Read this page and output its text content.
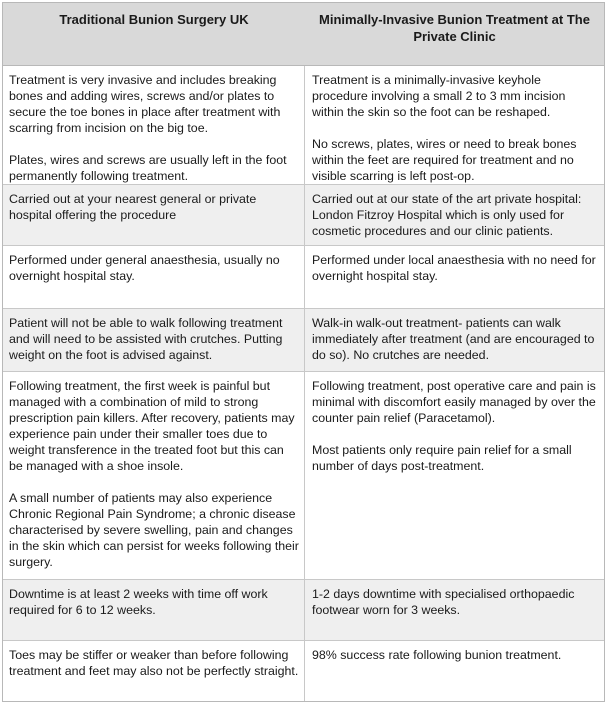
Traditional Bunion Surgery UK	Minimally-Invasive Bunion Treatment at The Private Clinic

Treatment is very invasive and includes breaking bones and adding wires, screws and/or plates to secure the toe bones in place after treatment with scarring from incision on the big toe.

Plates, wires and screws are usually left in the foot permanently following treatment.

Treatment is a minimally-invasive keyhole procedure involving a small 2 to 3 mm incision within the skin so the foot can be reshaped.

No screws, plates, wires or need to break bones within the feet are required for treatment and no visible scarring is left post-op.

Carried out at your nearest general or private hospital offering the procedure

Carried out at our state of the art private hospital: London Fitzroy Hospital which is only used for cosmetic procedures and our clinic patients.

Performed under general anaesthesia, usually no overnight hospital stay.

Performed under local anaesthesia with no need for overnight hospital stay.

Patient will not be able to walk following treatment and will need to be assisted with crutches. Putting weight on the foot is advised against.

Walk-in walk-out treatment- patients can walk immediately after treatment (and are encouraged to do so). No crutches are needed.

Following treatment, the first week is painful but managed with a combination of mild to strong prescription pain killers. After recovery, patients may experience pain under their smaller toes due to weight transference in the treated foot but this can be managed with a shoe insole.

A small number of patients may also experience Chronic Regional Pain Syndrome; a chronic disease characterised by severe swelling, pain and changes in the skin which can persist for weeks following their surgery.

Following treatment, post operative care and pain is minimal with discomfort easily managed by over the counter pain relief (Paracetamol).

Most patients only require pain relief for a small number of days post-treatment.

Downtime is at least 2 weeks with time off work required for 6 to 12 weeks.

1-2 days downtime with specialised orthopaedic footwear worn for 3 weeks.

Toes may be stiffer or weaker than before following treatment and feet may also not be perfectly straight.

98% success rate following bunion treatment.
